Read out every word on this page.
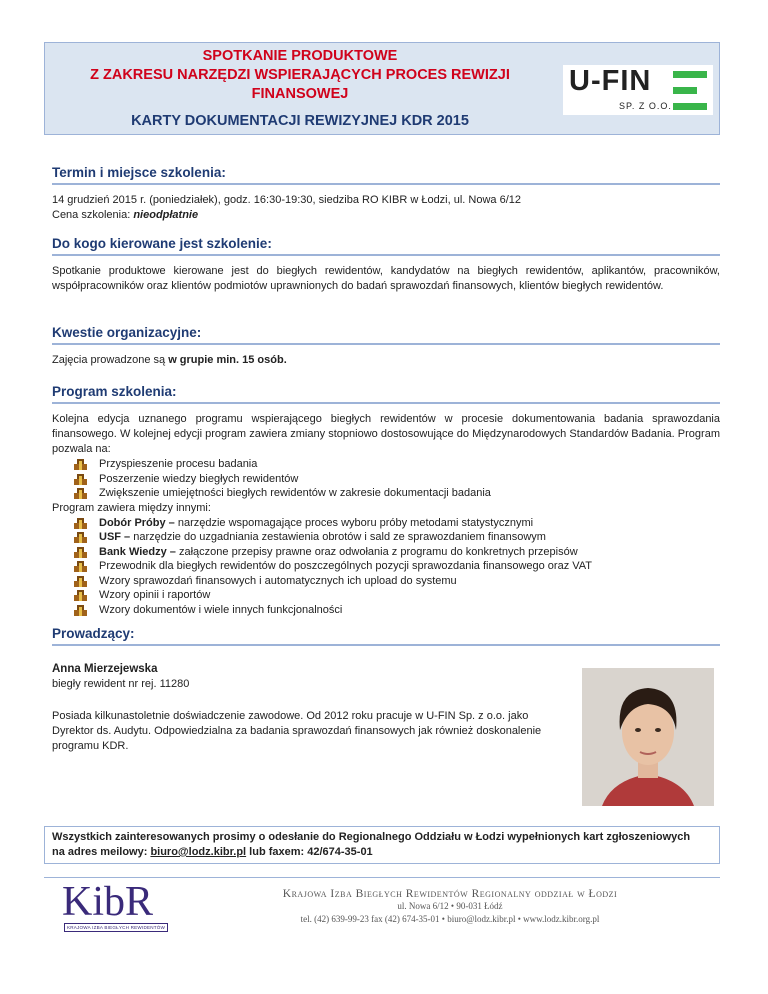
SPOTKANIE PRODUKTOWE
Z ZAKRESU NARZĘDZI WSPIERAJĄCYCH PROCES REWIZJI
FINANSOWEJ
KARTY DOKUMENTACJI REWIZYJNEJ KDR 2015
U-FIN
SP. Z O.O.
Termin i miejsce szkolenia:
14 grudzień 2015 r. (poniedziałek), godz. 16:30-19:30, siedziba RO KIBR w Łodzi, ul. Nowa 6/12
Cena szkolenia: nieodpłatnie
Do kogo kierowane jest szkolenie:
Spotkanie produktowe kierowane jest do biegłych rewidentów, kandydatów na biegłych rewidentów, aplikantów, pracowników, współpracowników oraz klientów podmiotów uprawnionych do badań sprawozdań finansowych, klientów biegłych rewidentów.
Kwestie organizacyjne:
Zajęcia prowadzone są w grupie min. 15 osób.
Program szkolenia:
Kolejna edycja uznanego programu wspierającego biegłych rewidentów w procesie dokumentowania badania sprawozdania finansowego. W kolejnej edycji program zawiera zmiany stopniowo dostosowujące do Międzynarodowych Standardów Badania. Program pozwala na:
Przyspieszenie procesu badania
Poszerzenie wiedzy biegłych rewidentów
Zwiększenie umiejętności biegłych rewidentów w zakresie dokumentacji badania
Program zawiera między innymi:
Dobór Próby – narzędzie wspomagające proces wyboru próby metodami statystycznymi
USF – narzędzie do uzgadniania zestawienia obrotów i sald ze sprawozdaniem finansowym
Bank Wiedzy – załączone przepisy prawne oraz odwołania z programu do konkretnych przepisów
Przewodnik dla biegłych rewidentów do poszczególnych pozycji sprawozdania finansowego oraz VAT
Wzory sprawozdań finansowych i automatycznych ich upload do systemu
Wzory opinii i raportów
Wzory dokumentów i wiele innych funkcjonalności
Prowadzący:
Anna Mierzejewska
biegły rewident nr rej. 11280
Posiada kilkunastoletnie doświadczenie zawodowe. Od 2012 roku pracuje w U-FIN Sp. z o.o. jako Dyrektor ds. Audytu. Odpowiedzialna za badania sprawozdań finansowych jak również doskonalenie programu KDR.
Wszystkich zainteresowanych prosimy o odesłanie do Regionalnego Oddziału w Łodzi wypełnionych kart zgłoszeniowych
na adres meilowy: biuro@lodz.kibr.pl lub faxem: 42/674-35-01
KibR
KRAJOWA IZBA BIEGŁYCH REWIDENTÓW
Krajowa Izba Biegłych Rewidentów Regionalny oddział w Łodzi
ul. Nowa 6/12 • 90-031 Łódź
tel. (42) 639-99-23 fax (42) 674-35-01 • biuro@lodz.kibr.pl • www.lodz.kibr.org.pl
